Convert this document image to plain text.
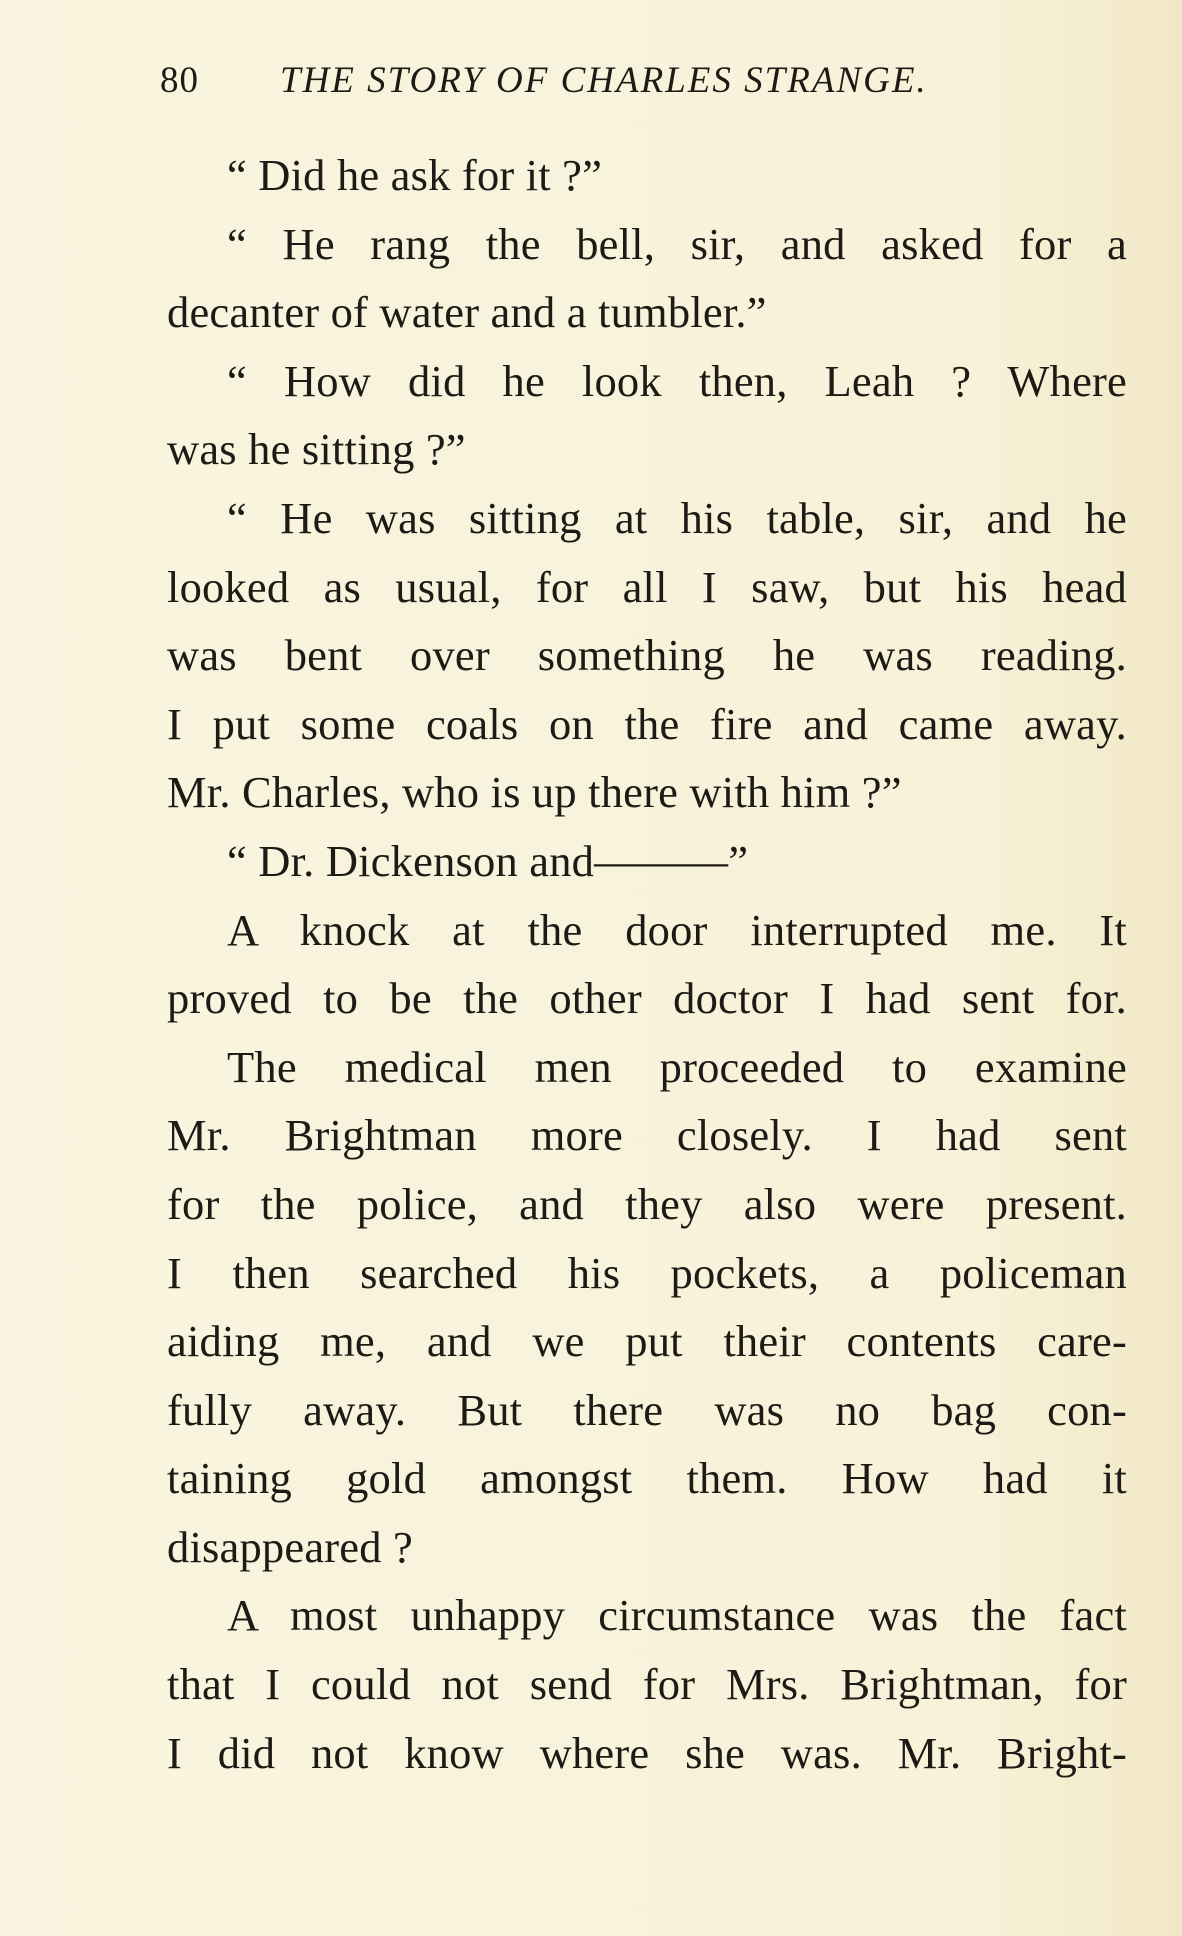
80 THE STORY OF CHARLES STRANGE.
“ Did he ask for it ?”
“ He rang the bell, sir, and asked for a
decanter of water and a tumbler.”
“ How did he look then, Leah ? Where
was he sitting ?”
“ He was sitting at his table, sir, and he
looked as usual, for all I saw, but his head
was bent over something he was reading.
I put some coals on the fire and came away.
Mr. Charles, who is up there with him ?”
“ Dr. Dickenson and———”
A knock at the door interrupted me. It
proved to be the other doctor I had sent for.
The medical men proceeded to examine
Mr. Brightman more closely. I had sent
for the police, and they also were present.
I then searched his pockets, a policeman
aiding me, and we put their contents care-
fully away. But there was no bag con-
taining gold amongst them. How had it
disappeared ?
A most unhappy circumstance was the fact
that I could not send for Mrs. Brightman, for
I did not know where she was. Mr. Bright-
